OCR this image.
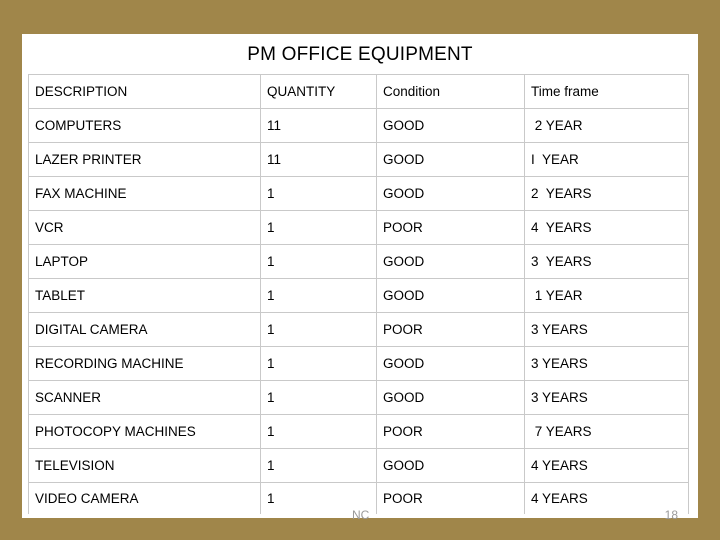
PM OFFICE EQUIPMENT
DESCRIPTION	QUANTITY	Condition	Time frame
COMPUTERS	11	GOOD	2 YEAR
LAZER PRINTER	11	GOOD	I  YEAR
FAX MACHINE	1	GOOD	2  YEARS
VCR	1	POOR	4  YEARS
LAPTOP	1	GOOD	3  YEARS
TABLET	1	GOOD	1 YEAR
DIGITAL CAMERA	1	POOR	3 YEARS
RECORDING MACHINE	1	GOOD	3 YEARS
SCANNER	1	GOOD	3 YEARS
PHOTOCOPY MACHINES	1	POOR	7 YEARS
TELEVISION	1	GOOD	4 YEARS
VIDEO CAMERA	1	POOR	4 YEARS
NC	18
